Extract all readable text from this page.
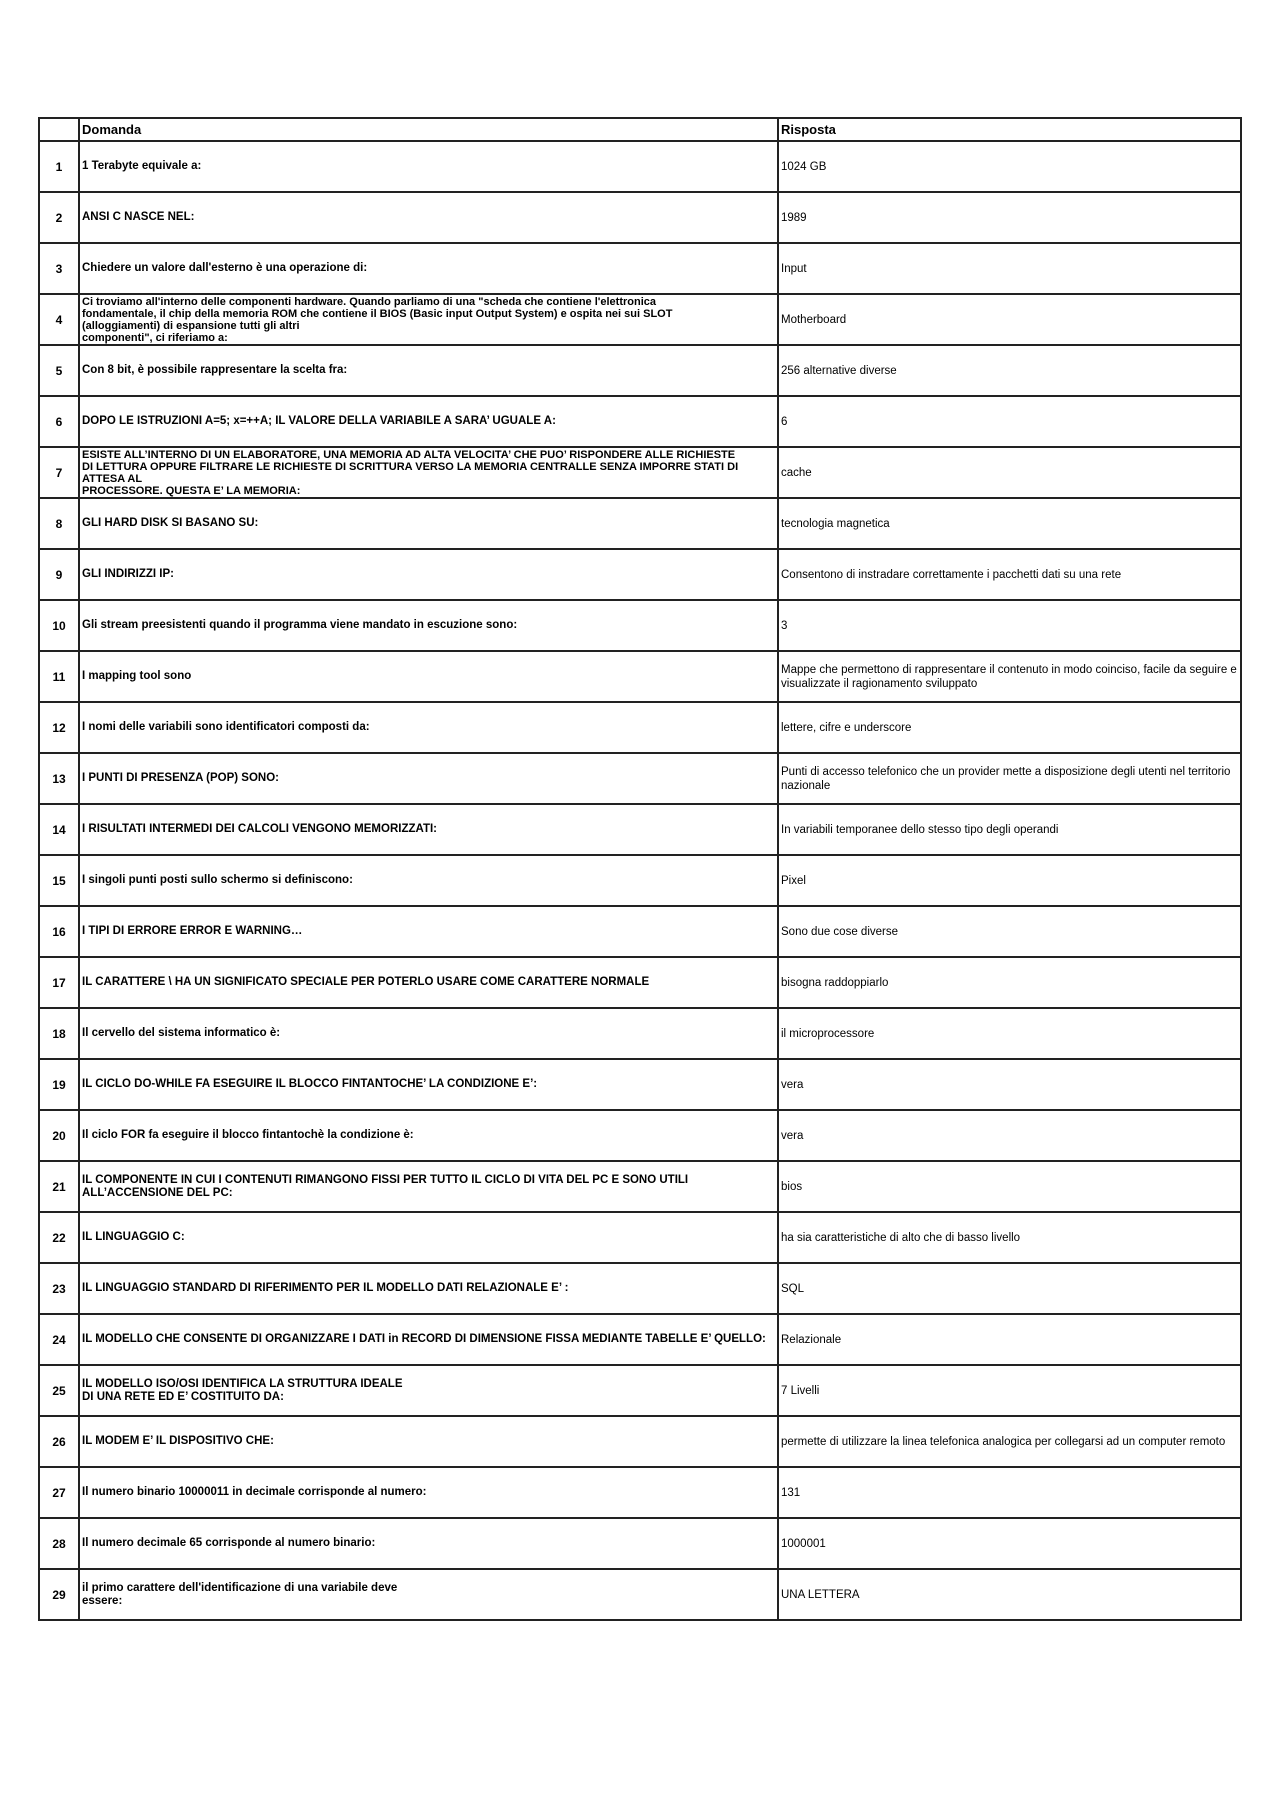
	Domanda	Risposta
1	1 Terabyte equivale a:	1024 GB
2	ANSI C NASCE NEL:	1989
3	Chiedere un valore dall'esterno è una operazione di:	Input
4	Ci troviamo all'interno delle componenti hardware. Quando parliamo di una "scheda che contiene l'elettronica
fondamentale, il chip della memoria ROM che contiene il BIOS (Basic input Output System) e ospita nei sui SLOT
(alloggiamenti) di espansione tutti gli altri
componenti", ci riferiamo a:	Motherboard
5	Con 8 bit, è possibile rappresentare la scelta fra:	256 alternative diverse
6	DOPO LE ISTRUZIONI A=5; x=++A; IL VALORE DELLA VARIABILE A SARA’ UGUALE A:	6
7	ESISTE ALL’INTERNO DI UN ELABORATORE, UNA MEMORIA AD ALTA VELOCITA’ CHE PUO’ RISPONDERE ALLE RICHIESTE
DI LETTURA OPPURE FILTRARE LE RICHIESTE DI SCRITTURA VERSO LA MEMORIA CENTRALLE SENZA IMPORRE STATI DI
ATTESA AL
PROCESSORE. QUESTA E’ LA MEMORIA:	cache
8	GLI HARD DISK SI BASANO SU:	tecnologia magnetica
9	GLI INDIRIZZI IP:	Consentono di instradare correttamente i pacchetti dati su una rete
10	Gli stream preesistenti quando il programma viene mandato in escuzione sono:	3
11	I mapping tool sono	Mappe che permettono di rappresentare il contenuto in modo coinciso, facile da seguire e visualizzate il ragionamento sviluppato
12	I nomi delle variabili sono identificatori composti da:	lettere, cifre e underscore
13	I PUNTI DI PRESENZA (POP) SONO:	Punti di accesso telefonico che un provider mette a disposizione degli utenti nel territorio nazionale
14	I RISULTATI INTERMEDI DEI CALCOLI VENGONO MEMORIZZATI:	In variabili temporanee dello stesso tipo degli operandi
15	I singoli punti posti sullo schermo si definiscono:	Pixel
16	I TIPI DI ERRORE ERROR E WARNING…	Sono due cose diverse
17	IL CARATTERE \ HA UN SIGNIFICATO SPECIALE PER POTERLO USARE COME CARATTERE NORMALE	bisogna raddoppiarlo
18	Il cervello del sistema informatico è:	il microprocessore
19	IL CICLO DO-WHILE FA ESEGUIRE IL BLOCCO FINTANTOCHE’ LA CONDIZIONE E’:	vera
20	Il ciclo FOR fa eseguire il blocco fintantochè la condizione è:	vera
21	IL COMPONENTE IN CUI I CONTENUTI RIMANGONO FISSI PER TUTTO IL CICLO DI VITA DEL PC E SONO UTILI
ALL’ACCENSIONE DEL PC:	bios
22	IL LINGUAGGIO C:	ha sia caratteristiche di alto che di basso livello
23	IL LINGUAGGIO STANDARD DI RIFERIMENTO PER IL MODELLO DATI RELAZIONALE E’ :	SQL
24	IL MODELLO CHE CONSENTE DI ORGANIZZARE I DATI in RECORD DI DIMENSIONE FISSA MEDIANTE TABELLE E’ QUELLO:	Relazionale
25	IL MODELLO ISO/OSI IDENTIFICA LA STRUTTURA IDEALE
DI UNA RETE ED E’ COSTITUITO DA:	7 Livelli
26	IL MODEM E’ IL DISPOSITIVO CHE:	permette di utilizzare la linea telefonica analogica per collegarsi ad un computer remoto
27	Il numero binario 10000011 in decimale corrisponde al numero:	131
28	Il numero decimale 65 corrisponde al numero binario:	1000001
29	il primo carattere dell'identificazione di una variabile deve
essere:	UNA LETTERA
